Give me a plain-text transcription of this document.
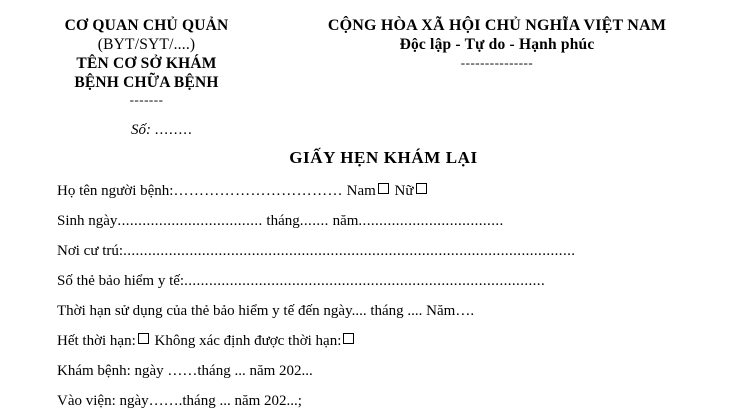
CƠ QUAN CHỦ QUẢN
(BYT/SYT/....)
TÊN CƠ SỞ KHÁM
BỆNH CHỮA BỆNH
-------
CỘNG HÒA XÃ HỘI CHỦ NGHĨA VIỆT NAM
Độc lập - Tự do - Hạnh phúc
---------------
Số: ........
GIẤY HẸN KHÁM LẠI
Họ tên người bệnh:…………………………… Nam Nữ
Sinh ngày................................... tháng....... năm...................................
Nơi cư trú:.............................................................................................................
Số thẻ bảo hiểm y tế:.......................................................................................
Thời hạn sử dụng của thẻ bảo hiểm y tế đến ngày.... tháng .... Năm….
Hết thời hạn: Không xác định được thời hạn:
Khám bệnh: ngày ……tháng ... năm 202...
Vào viện: ngày…….tháng ... năm 202...;
